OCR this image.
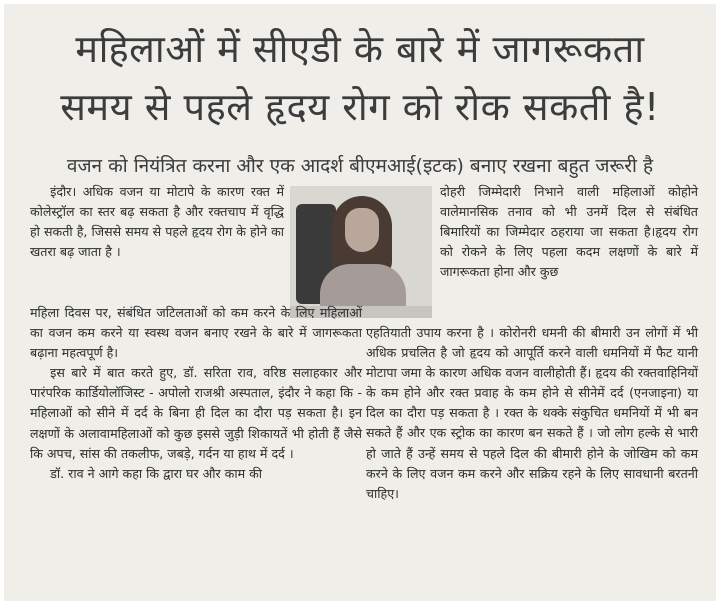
महिलाओं में सीएडी के बारे में जागरूकता
समय से पहले हृदय रोग को रोक सकती है!
वजन को नियंत्रित करना और एक आदर्श बीएमआई(इटक) बनाए रखना बहुत जरूरी है

इंदौर। अधिक वजन या मोटापे के कारण रक्त में कोलेस्ट्रॉल का स्तर बढ़ सकता है और रक्तचाप में वृद्धि हो सकती है, जिससे समय से पहले हृदय रोग के होने का खतरा बढ़ जाता है ।

महिला दिवस पर, संबंधित जटिलताओं को कम करने के लिए महिलाओं का वजन कम करने या स्वस्थ वजन बनाए रखने के बारे में जागरूकता बढ़ाना महत्वपूर्ण है।

इस बारे में बात करते हुए, डॉ. सरिता राव, वरिष्ठ सलाहकार और पारंपरिक कार्डियोलॉजिस्ट - अपोलो राजश्री अस्पताल, इंदौर ने कहा कि - महिलाओं को सीने में दर्द के बिना ही दिल का दौरा पड़ सकता है। इन लक्षणों के अलावामहिलाओं को कुछ इससे जुड़ी शिकायतें भी होती हैं जैसे कि अपच, सांस की तकलीफ, जबड़े, गर्दन या हाथ में दर्द ।

डॉ. राव ने आगे कहा कि द्वारा घर और काम की

दोहरी जिम्मेदारी निभाने वाली महिलाओं कोहोने वालेमानसिक तनाव को भी उनमें दिल से संबंधित बिमारियों का जिम्मेदार ठहराया जा सकता है।हृदय रोग को रोकने के लिए पहला कदम लक्षणों के बारे में जागरूकता होना और कुछ

एहतियाती उपाय करना है । कोरोनरी धमनी की बीमारी उन लोगों में भी अधिक प्रचलित है जो हृदय को आपूर्ति करने वाली धमनियों में फैट यानी मोटापा जमा के कारण अधिक वजन वालीहोती हैं। हृदय की रक्तवाहिनियों के कम होने और रक्त प्रवाह के कम होने से सीनेमें दर्द (एनजाइना) या दिल का दौरा पड़ सकता है । रक्त के थक्के संकुचित धमनियों में भी बन सकते हैं और एक स्ट्रोक का कारण बन सकते हैं । जो लोग हल्के से भारी हो जाते हैं उन्हें समय से पहले दिल की बीमारी होने के जोखिम को कम करने के लिए वजन कम करने और सक्रिय रहने के लिए सावधानी बरतनी चाहिए।
